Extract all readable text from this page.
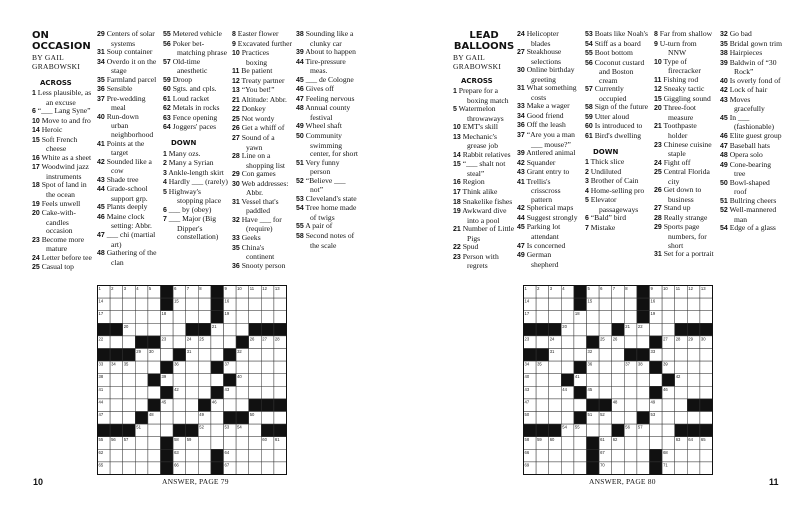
ON OCCASION
BY GAIL GRABOWSKI
ACROSS
1 Less plausible, as an excuse
6 “___ Lang Syne”
10 Move to and fro
14 Heroic
15 Soft French cheese
16 White as a sheet
17 Woodwind jazz instruments
18 Spot of land in the ocean
19 Feels unwell
20 Cake-with-candles occasion
23 Become more mature
24 Letter before tee
25 Casual top
29 Centers of solar systems
31 Soup container
34 Overdo it on the stage
35 Farmland parcel
36 Sensible
37 Pre-wedding meal
40 Run-down urban neighborhood
41 Points at the target
42 Sounded like a cow
43 Shade tree
44 Grade-school support grp.
45 Plants deeply
46 Maine clock setting: Abbr.
47 ___ chi (martial art)
48 Gathering of the clan
55 Metered vehicle
56 Poker bet-matching phrase
57 Old-time anesthetic
59 Droop
60 Sgts. and cpls.
61 Loud racket
62 Metals in rocks
63 Fence opening
64 Joggers' paces
DOWN
1 Many ozs.
2 Many a Syrian
3 Ankle-length skirt
4 Hardly ___ (rarely)
5 Highway's stopping place
6 ___ by (obey)
7 ___ Major (Big Dipper's constellation)
8 Easter flower
9 Excavated further
10 Practices boxing
11 Be patient
12 Treaty partner
13 “You bet!”
21 Altitude: Abbr.
22 Donkey
25 Not wordy
26 Get a whiff of
27 Sound of a yawn
28 Line on a shopping list
29 Con games
30 Web addresses: Abbr.
31 Vessel that's paddled
32 Have ___ for (require)
33 Geeks
35 China's continent
36 Snooty person
38 Sounding like a clunky car
39 About to happen
44 Tire-pressure meas.
45 ___ de Cologne
46 Gives off
47 Feeling nervous
48 Annual county festival
49 Wheel shaft
50 Community swimming center, for short
51 Very funny person
52 “Believe ___ not”
53 Cleveland's state
54 Tree home made of twigs
55 A pair of
58 Second notes of the scale
1 2 3 4 5	6 7 8	9 10 11 12 13
14	15	16
17	18	19
20	21
22	23	24 25	26 27 28
29 30	31	32
33 34 35	36	37
38	39	40
41	42	43
44	45	46
47	48	49	50
51	52	53 54
55 56 57	58 59	60 61
62	63	64
65	66	67
10	ANSWER, PAGE 79
LEAD
BALLOONS
BY GAIL GRABOWSKI
ACROSS
1 Prepare for a boxing match
5 Watermelon throwaways
10 EMT's skill
13 Mechanic's grease job
14 Rabbit relatives
15 “___ shalt not steal”
16 Region
17 Think alike
18 Snakelike fishes
19 Awkward dive into a pool
21 Number of Little Pigs
22 Spud
23 Person with regrets
24 Helicopter blades
27 Steakhouse selections
30 Online birthday greeting
31 What something costs
33 Make a wager
34 Good friend
36 Off the leash
37 “Are you a man ___ mouse?”
39 Antlered animal
42 Squander
43 Grant entry to
41 Trellis's crisscross pattern
42 Spherical maps
44 Suggest strongly
45 Parking lot attendant
47 Is concerned
49 German shepherd
53 Boats like Noah's
54 Stiff as a board
55 Boot bottom
56 Coconut custard and Boston cream
57 Currently occupied
58 Sign of the future
59 Utter aloud
60 Is introduced to
61 Bird's dwelling
DOWN
1 Thick slice
2 Undiluted
3 Brother of Cain
4 Home-selling pro
5 Elevator passageways
6 “Bald” bird
7 Mistake
8 Far from shallow
9 U-turn from NNW
10 Type of firecracker
11 Fishing rod
12 Sneaky tactic
15 Giggling sound
20 Three-foot measure
21 Toothpaste holder
23 Chinese cuisine staple
24 Fight off
25 Central Florida city
26 Get down to business
27 Stand up
28 Really strange
29 Sports page numbers, for short
31 Set for a portrait
32 Go bad
35 Bridal gown trim
38 Hairpieces
39 Baldwin of “30 Rock”
40 Is overly fond of
42 Lock of hair
43 Moves gracefully
45 In ___ (fashionable)
46 Elite guest group
47 Baseball hats
48 Opera solo
49 Cone-bearing tree
50 Bowl-shaped roof
51 Bullring cheers
52 Well-mannered man
54 Edge of a glass
1 2 3 4	5 6 7 8	9 10 11 12 13
14	15	16
17	18	19
20	21 22
23	24	25 26	27 28 29 30
31	32	33
34 35	36	37 38	39
40	41	42
43	44	45	46
47	48	49
50	51 52	53
54 55	56 57
58 59 60	61 62	63 64 65
66	67	68
69	70	71
ANSWER, PAGE 80	11
